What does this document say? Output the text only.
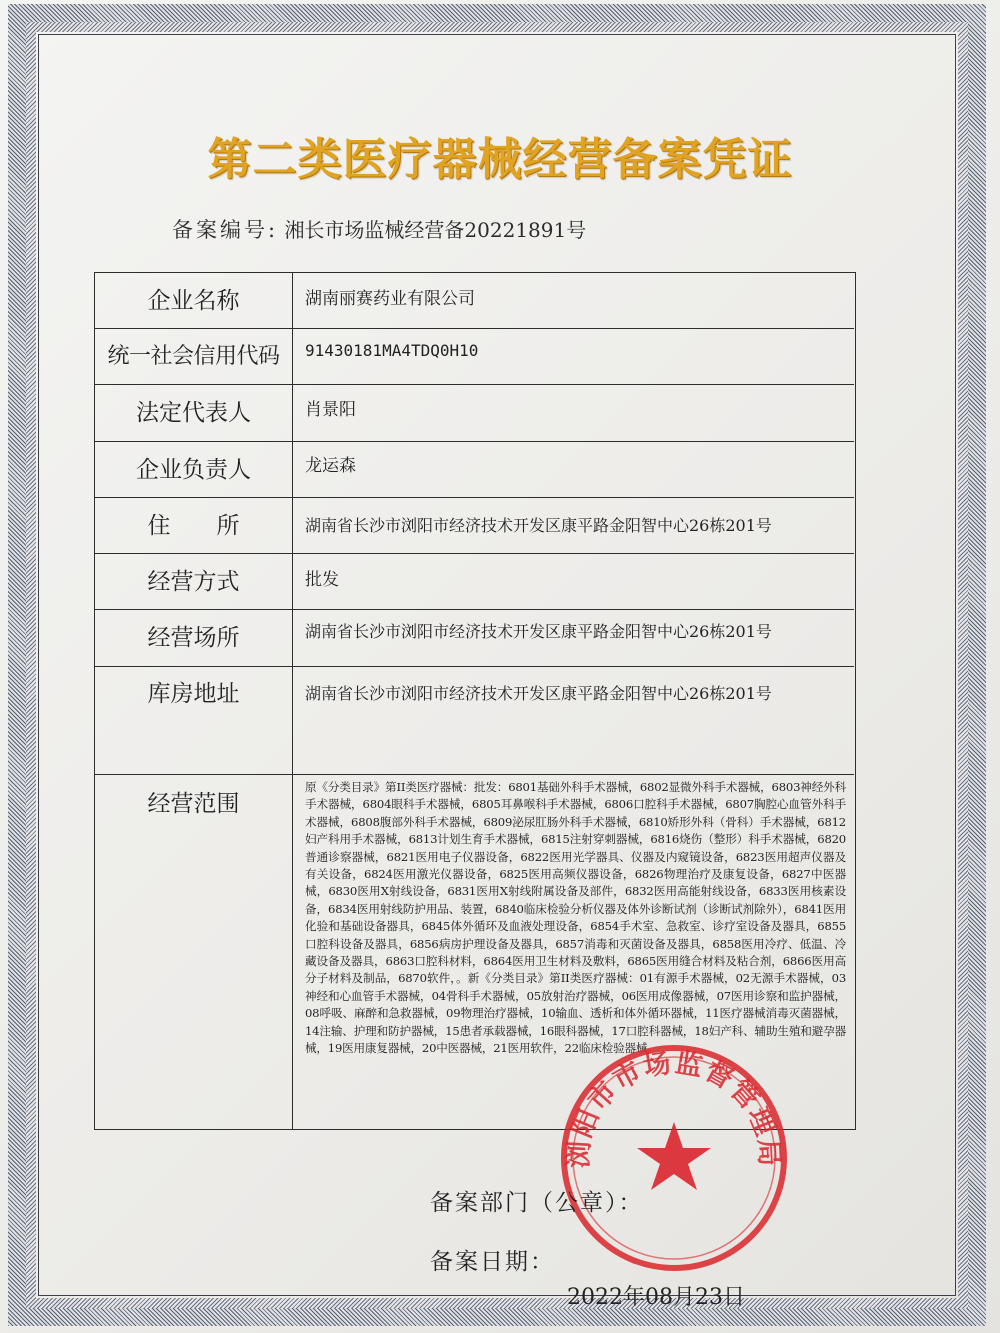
第二类医疗器械经营备案凭证
备案编号: 湘长市场监械经营备20221891号
企业名称	湖南丽赛药业有限公司
统一社会信用代码	91430181MA4TDQ0H10
法定代表人	肖景阳
企业负责人	龙运森
住　　所	湖南省长沙市浏阳市经济技术开发区康平路金阳智中心26栋201号
经营方式	批发
经营场所	湖南省长沙市浏阳市经济技术开发区康平路金阳智中心26栋201号
库房地址	湖南省长沙市浏阳市经济技术开发区康平路金阳智中心26栋201号
经营范围
原《分类目录》第II类医疗器械：批发：6801基础外科手术器械，6802显微外科手术器械，6803神经外科手术器械，6804眼科手术器械，6805耳鼻喉科手术器械，6806口腔科手术器械，6807胸腔心血管外科手术器械，6808腹部外科手术器械，6809泌尿肛肠外科手术器械，6810矫形外科（骨科）手术器械，6812妇产科用手术器械，6813计划生育手术器械，6815注射穿刺器械，6816烧伤（整形）科手术器械，6820普通诊察器械，6821医用电子仪器设备，6822医用光学器具、仪器及内窥镜设备，6823医用超声仪器及有关设备，6824医用激光仪器设备，6825医用高频仪器设备，6826物理治疗及康复设备，6827中医器械，6830医用X射线设备，6831医用X射线附属设备及部件，6832医用高能射线设备，6833医用核素设备，6834医用射线防护用品、装置，6840临床检验分析仪器及体外诊断试剂（诊断试剂除外），6841医用化验和基础设备器具，6845体外循环及血液处理设备，6854手术室、急救室、诊疗室设备及器具，6855口腔科设备及器具，6856病房护理设备及器具，6857消毒和灭菌设备及器具，6858医用冷疗、低温、冷藏设备及器具，6863口腔科材料，6864医用卫生材料及敷料，6865医用缝合材料及粘合剂，6866医用高分子材料及制品，6870软件，。新《分类目录》第II类医疗器械：01有源手术器械，02无源手术器械，03神经和心血管手术器械，04骨科手术器械，05放射治疗器械，06医用成像器械，07医用诊察和监护器械，08呼吸、麻醉和急救器械，09物理治疗器械，10输血、透析和体外循环器械，11医疗器械消毒灭菌器械，14注输、护理和防护器械，15患者承载器械，16眼科器械，17口腔科器械，18妇产科、辅助生殖和避孕器械，19医用康复器械，20中医器械，21医用软件，22临床检验器械。
浏阳市市场监督管理局
备案部门（公章）：
备案日期：
2022年08月23日
